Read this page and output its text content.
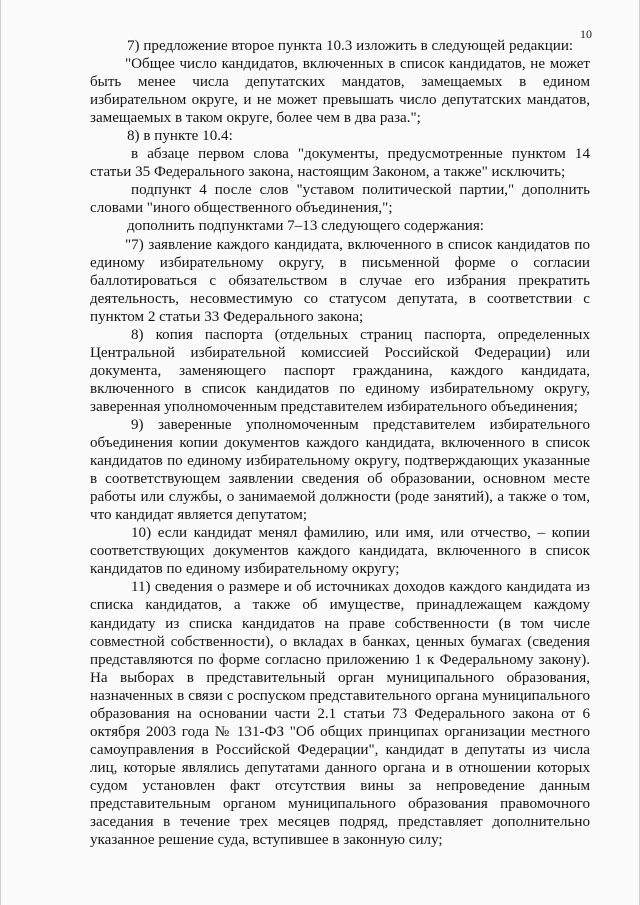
10

7) предложение второе пункта 10.3 изложить в следующей редакции:

"Общее число кандидатов, включенных в список кандидатов, не может быть менее числа депутатских мандатов, замещаемых в едином избирательном округе, и не может превышать число депутатских мандатов, замещаемых в таком округе, более чем в два раза.";

8) в пункте 10.4:

в абзаце первом слова "документы, предусмотренные пунктом 14 статьи 35 Федерального закона, настоящим Законом, а также" исключить;

подпункт 4 после слов "уставом политической партии," дополнить словами "иного общественного объединения,";

дополнить подпунктами 7–13 следующего содержания:

"7) заявление каждого кандидата, включенного в список кандидатов по единому избирательному округу, в письменной форме о согласии баллотироваться с обязательством в случае его избрания прекратить деятельность, несовместимую со статусом депутата, в соответствии с пунктом 2 статьи 33 Федерального закона;

8) копия паспорта (отдельных страниц паспорта, определенных Центральной избирательной комиссией Российской Федерации) или документа, заменяющего паспорт гражданина, каждого кандидата, включенного в список кандидатов по единому избирательному округу, заверенная уполномоченным представителем избирательного объединения;

9) заверенные уполномоченным представителем избирательного объединения копии документов каждого кандидата, включенного в список кандидатов по единому избирательному округу, подтверждающих указанные в соответствующем заявлении сведения об образовании, основном месте работы или службы, о занимаемой должности (роде занятий), а также о том, что кандидат является депутатом;

10) если кандидат менял фамилию, или имя, или отчество, – копии соответствующих документов каждого кандидата, включенного в список кандидатов по единому избирательному округу;

11) сведения о размере и об источниках доходов каждого кандидата из списка кандидатов, а также об имуществе, принадлежащем каждому кандидату из списка кандидатов на праве собственности (в том числе совместной собственности), о вкладах в банках, ценных бумагах (сведения представляются по форме согласно приложению 1 к Федеральному закону). На выборах в представительный орган муниципального образования, назначенных в связи с роспуском представительного органа муниципального образования на основании части 2.1 статьи 73 Федерального закона от 6 октября 2003 года № 131-ФЗ "Об общих принципах организации местного самоуправления в Российской Федерации", кандидат в депутаты из числа лиц, которые являлись депутатами данного органа и в отношении которых судом установлен факт отсутствия вины за непроведение данным представительным органом муниципального образования правомочного заседания в течение трех месяцев подряд, представляет дополнительно указанное решение суда, вступившее в законную силу;
